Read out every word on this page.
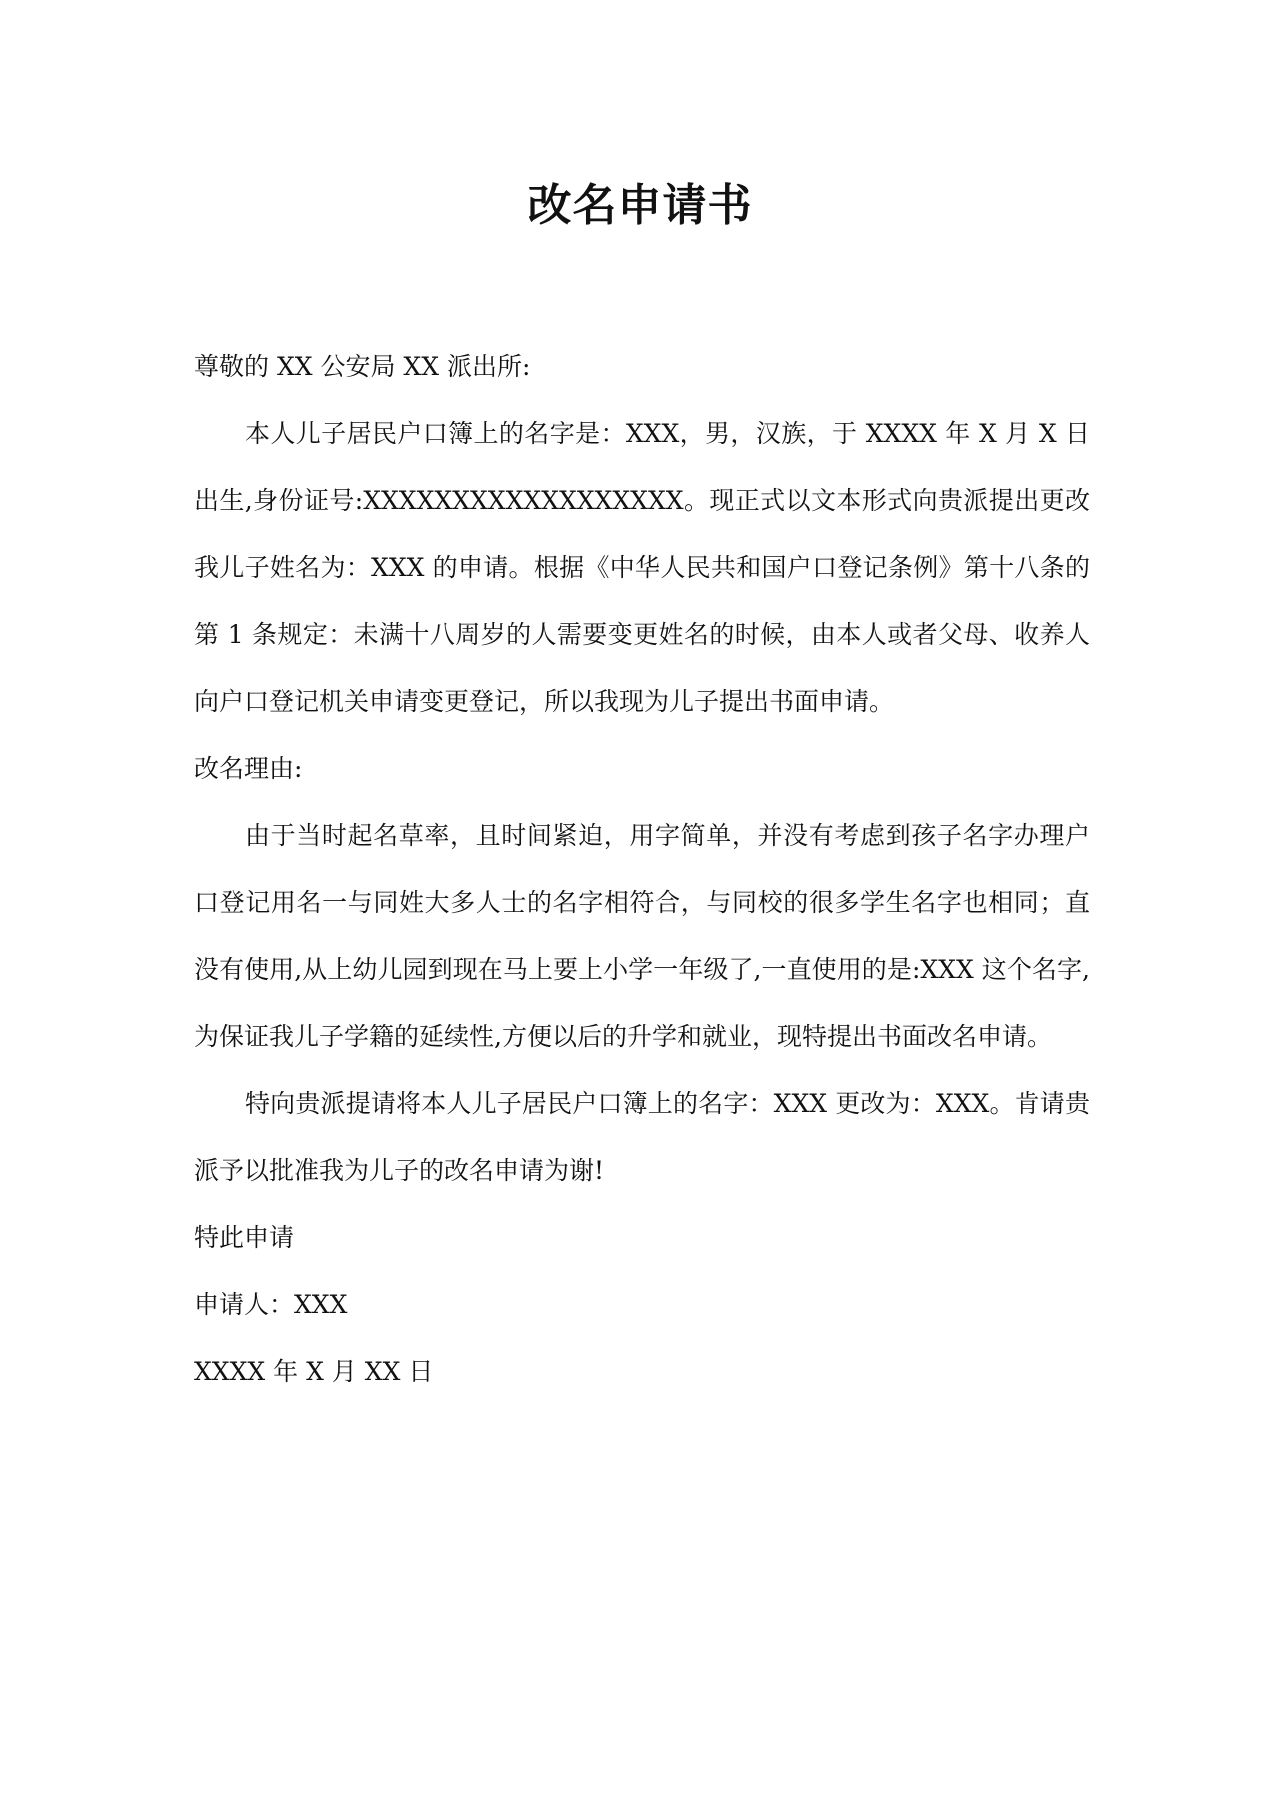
改名申请书

尊敬的 XX 公安局 XX 派出所:

本人儿子居民户口簿上的名字是：XXX，男，汉族，于 XXXX 年 X 月 X 日出生,身份证号:XXXXXXXXXXXXXXXXXX。现正式以文本形式向贵派提出更改我儿子姓名为：XXX 的申请。根据《中华人民共和国户口登记条例》第十八条的第 1 条规定：未满十八周岁的人需要变更姓名的时候，由本人或者父母、收养人向户口登记机关申请变更登记，所以我现为儿子提出书面申请。

改名理由:

由于当时起名草率，且时间紧迫，用字简单，并没有考虑到孩子名字办理户口登记用名一与同姓大多人士的名字相符合，与同校的很多学生名字也相同；直没有使用,从上幼儿园到现在马上要上小学一年级了,一直使用的是:XXX 这个名字,为保证我儿子学籍的延续性,方便以后的升学和就业，现特提出书面改名申请。

特向贵派提请将本人儿子居民户口簿上的名字：XXX 更改为：XXX。肯请贵派予以批准我为儿子的改名申请为谢!

特此申请

申请人：XXX

XXXX 年 X 月 XX 日
